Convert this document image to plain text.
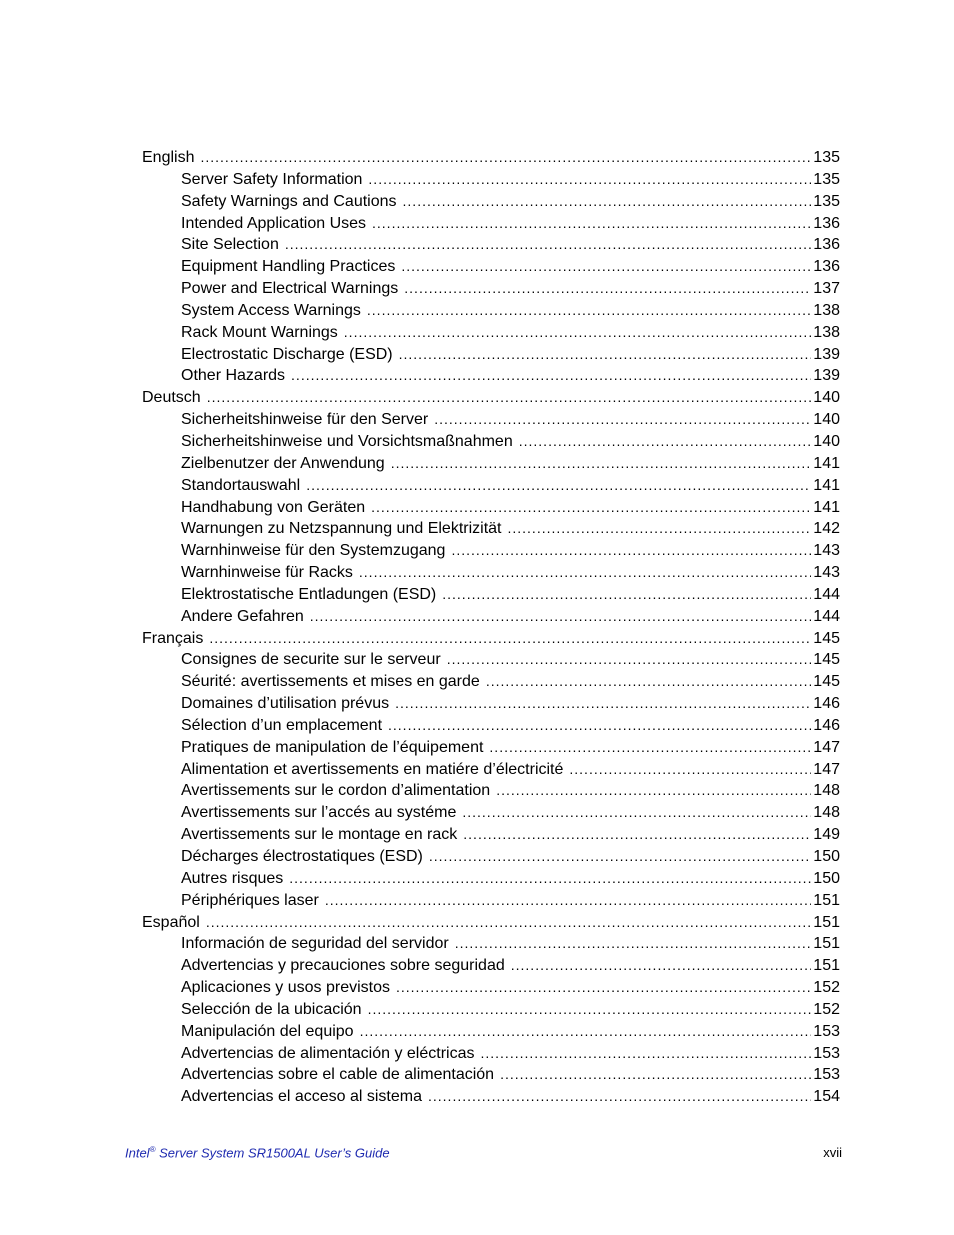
English .....	135
Server Safety Information .....	135
Safety Warnings and Cautions .....	135
Intended Application Uses .....	136
Site Selection .....	136
Equipment Handling Practices .....	136
Power and Electrical Warnings .....	137
System Access Warnings .....	138
Rack Mount Warnings .....	138
Electrostatic Discharge (ESD) .....	139
Other Hazards .....	139
Deutsch .....	140
Sicherheitshinweise für den Server .....	140
Sicherheitshinweise und Vorsichtsmaßnahmen .....	140
Zielbenutzer der Anwendung .....	141
Standortauswahl .....	141
Handhabung von Geräten .....	141
Warnungen zu Netzspannung und Elektrizität .....	142
Warnhinweise für den Systemzugang .....	143
Warnhinweise für Racks .....	143
Elektrostatische Entladungen (ESD) .....	144
Andere Gefahren .....	144
Français .....	145
Consignes de securite sur le serveur .....	145
Séurité: avertissements et mises en garde .....	145
Domaines d’utilisation prévus .....	146
Sélection d’un emplacement .....	146
Pratiques de manipulation de l’équipement .....	147
Alimentation et avertissements en matiére d’électricité .....	147
Avertissements sur le cordon d’alimentation .....	148
Avertissements sur l’accés au systéme .....	148
Avertissements sur le montage en rack .....	149
Décharges électrostatiques (ESD) .....	150
Autres risques .....	150
Périphériques laser .....	151
Español .....	151
Información de seguridad del servidor .....	151
Advertencias y precauciones sobre seguridad .....	151
Aplicaciones y usos previstos .....	152
Selección de la ubicación .....	152
Manipulación del equipo .....	153
Advertencias de alimentación y eléctricas .....	153
Advertencias sobre el cable de alimentación .....	153
Advertencias el acceso al sistema .....	154
Intel® Server System SR1500AL User’s Guide	xvii
